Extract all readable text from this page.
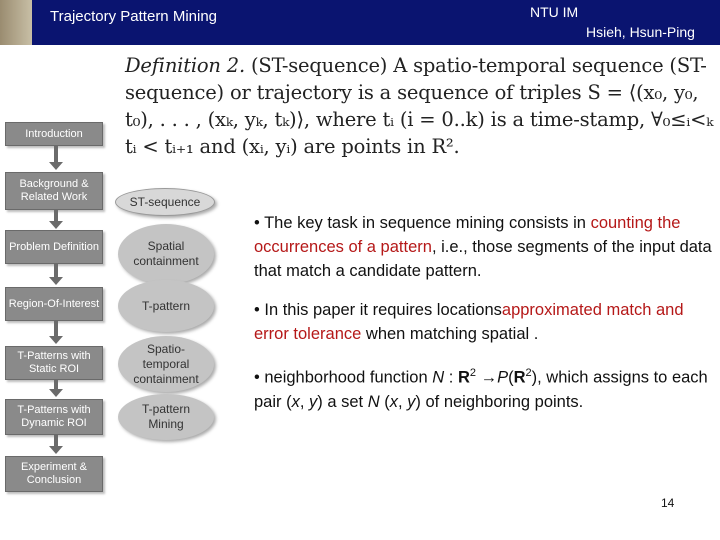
Trajectory Pattern Mining	NTU IM
Hsieh, Hsun-Ping
Definition 2. (ST-sequence) A spatio-temporal sequence (ST-sequence) or trajectory is a sequence of triples S = ⟨(x₀, y₀, t₀), . . . , (xₖ, yₖ, tₖ)⟩, where tᵢ (i = 0..k) is a time-stamp, ∀₀≤ᵢ<ₖ tᵢ < tᵢ₊₁ and (xᵢ, yᵢ) are points in R².
Introduction
Background & Related Work
Problem Definition
Region-Of-Interest
T-Patterns with Static ROI
T-Patterns with Dynamic ROI
Experiment & Conclusion
ST-sequence
Spatial containment
T-pattern
Spatio-temporal containment
T-pattern Mining
• The key task in sequence mining consists in counting the occurrences of a pattern, i.e., those segments of the input data that match a candidate pattern.
• In this paper it requires locationsapproximated match and error tolerance when matching spatial .
• neighborhood function N : $R^2 \to P(R^2)$, which assigns to each pair (x, y) a set N (x, y) of neighboring points.
14
